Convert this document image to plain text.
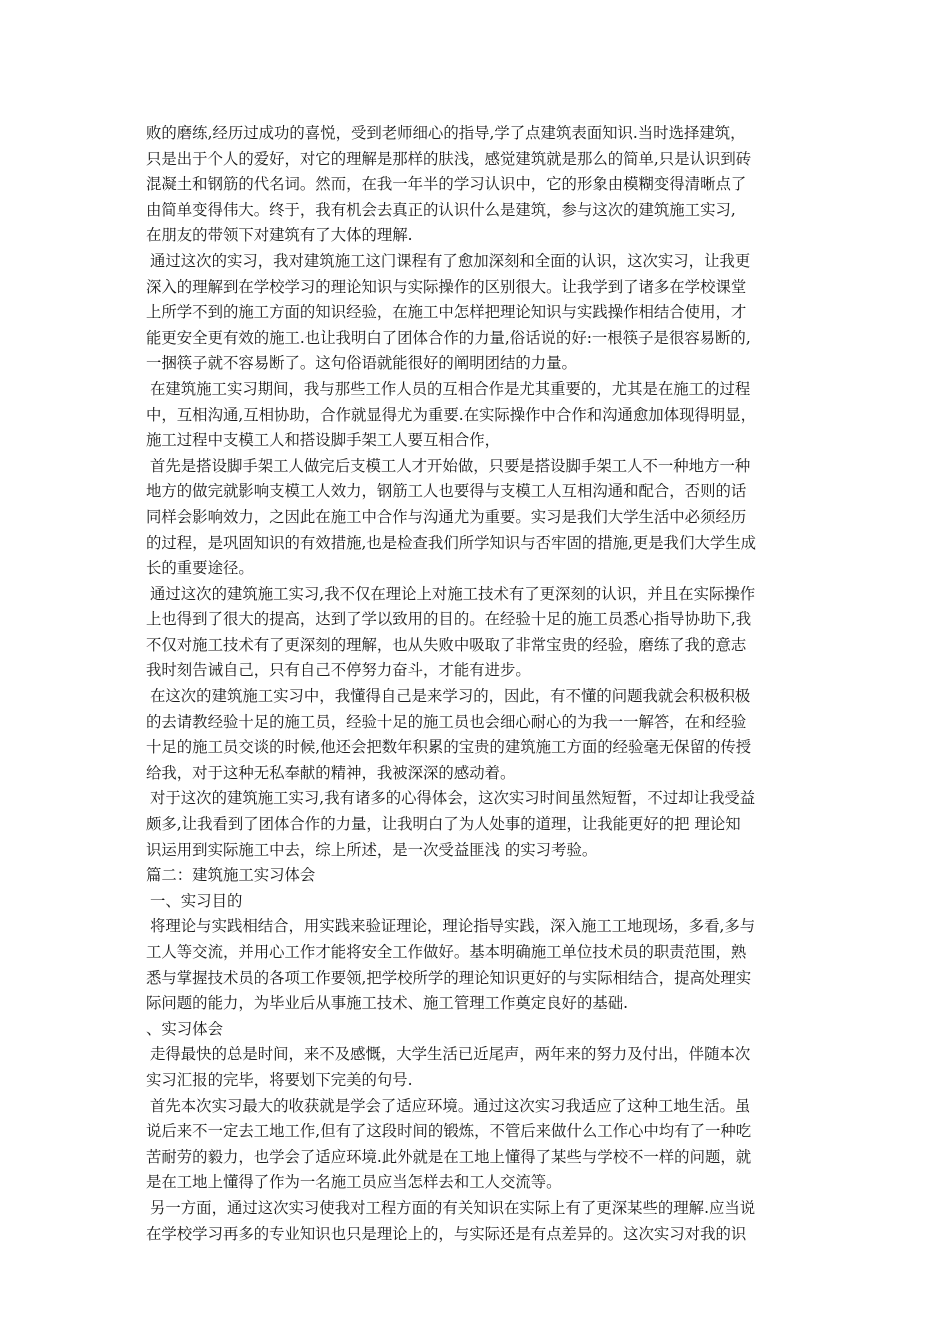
败的磨练,经历过成功的喜悦，受到老师细心的指导,学了点建筑表面知识.当时选择建筑，
只是出于个人的爱好，对它的理解是那样的肤浅，感觉建筑就是那么的简单,只是认识到砖
混凝土和钢筋的代名词。然而，在我一年半的学习认识中，它的形象由模糊变得清晰点了
由简单变得伟大。终于，我有机会去真正的认识什么是建筑，参与这次的建筑施工实习,
在朋友的带领下对建筑有了大体的理解.
通过这次的实习，我对建筑施工这门课程有了愈加深刻和全面的认识，这次实习，让我更
深入的理解到在学校学习的理论知识与实际操作的区别很大。让我学到了诸多在学校课堂
上所学不到的施工方面的知识经验，在施工中怎样把理论知识与实践操作相结合使用，才
能更安全更有效的施工.也让我明白了团体合作的力量,俗话说的好:一根筷子是很容易断的,
一捆筷子就不容易断了。这句俗语就能很好的阐明团结的力量。
在建筑施工实习期间，我与那些工作人员的互相合作是尤其重要的，尤其是在施工的过程
中，互相沟通,互相协助，合作就显得尤为重要.在实际操作中合作和沟通愈加体现得明显，
施工过程中支模工人和搭设脚手架工人要互相合作，
首先是搭设脚手架工人做完后支模工人才开始做，只要是搭设脚手架工人不一种地方一种
地方的做完就影响支模工人效力，钢筋工人也要得与支模工人互相沟通和配合，否则的话
同样会影响效力，之因此在施工中合作与沟通尤为重要。实习是我们大学生活中必须经历
的过程，是巩固知识的有效措施,也是检查我们所学知识与否牢固的措施,更是我们大学生成
长的重要途径。
通过这次的建筑施工实习,我不仅在理论上对施工技术有了更深刻的认识，并且在实际操作
上也得到了很大的提高，达到了学以致用的目的。在经验十足的施工员悉心指导协助下,我
不仅对施工技术有了更深刻的理解，也从失败中吸取了非常宝贵的经验，磨练了我的意志
我时刻告诫自己，只有自己不停努力奋斗，才能有进步。
在这次的建筑施工实习中，我懂得自己是来学习的，因此，有不懂的问题我就会积极积极
的去请教经验十足的施工员，经验十足的施工员也会细心耐心的为我一一解答，在和经验
十足的施工员交谈的时候,他还会把数年积累的宝贵的建筑施工方面的经验毫无保留的传授
给我，对于这种无私奉献的精神，我被深深的感动着。
对于这次的建筑施工实习,我有诸多的心得体会，这次实习时间虽然短暂，不过却让我受益
颇多,让我看到了团体合作的力量，让我明白了为人处事的道理，让我能更好的把 理论知
识运用到实际施工中去，综上所述，是一次受益匪浅 的实习考验。
篇二：建筑施工实习体会
一、实习目的
将理论与实践相结合，用实践来验证理论，理论指导实践，深入施工工地现场，多看,多与
工人等交流，并用心工作才能将安全工作做好。基本明确施工单位技术员的职责范围，熟
悉与掌握技术员的各项工作要领,把学校所学的理论知识更好的与实际相结合，提高处理实
际问题的能力，为毕业后从事施工技术、施工管理工作奠定良好的基础.
、实习体会
走得最快的总是时间，来不及感慨，大学生活已近尾声，两年来的努力及付出，伴随本次
实习汇报的完毕，将要划下完美的句号.
首先本次实习最大的收获就是学会了适应环境。通过这次实习我适应了这种工地生活。虽
说后来不一定去工地工作,但有了这段时间的锻炼，不管后来做什么工作心中均有了一种吃
苦耐劳的毅力，也学会了适应环境.此外就是在工地上懂得了某些与学校不一样的问题，就
是在工地上懂得了作为一名施工员应当怎样去和工人交流等。
另一方面，通过这次实习使我对工程方面的有关知识在实际上有了更深某些的理解.应当说
在学校学习再多的专业知识也只是理论上的，与实际还是有点差异的。这次实习对我的识
